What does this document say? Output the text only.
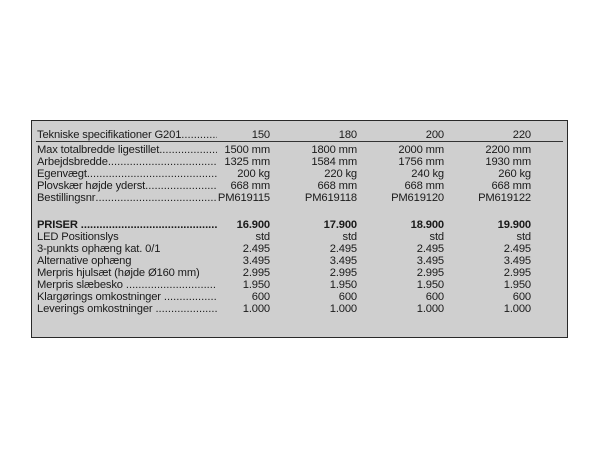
Tekniske specifikationer G201 .....	150	180	200	220
Max totalbredde ligestillet .....	1500 mm	1800 mm	2000 mm	2200 mm
Arbejdsbredde .....	1325 mm	1584 mm	1756 mm	1930 mm
Egenvægt .....	200 kg	220 kg	240 kg	260 kg
Plovskær højde yderst .....	668 mm	668 mm	668 mm	668 mm
Bestillingsnr .....	PM619115	PM619118	PM619120	PM619122
PRISER .....	16.900	17.900	18.900	19.900
LED Positionslys	std	std	std	std
3-punkts ophæng kat. 0/1	2.495	2.495	2.495	2.495
Alternative ophæng	3.495	3.495	3.495	3.495
Merpris hjulsæt (højde Ø160 mm)	2.995	2.995	2.995	2.995
Merpris slæbesko .....	1.950	1.950	1.950	1.950
Klargørings omkostninger .....	600	600	600	600
Leverings omkostninger .....	1.000	1.000	1.000	1.000
